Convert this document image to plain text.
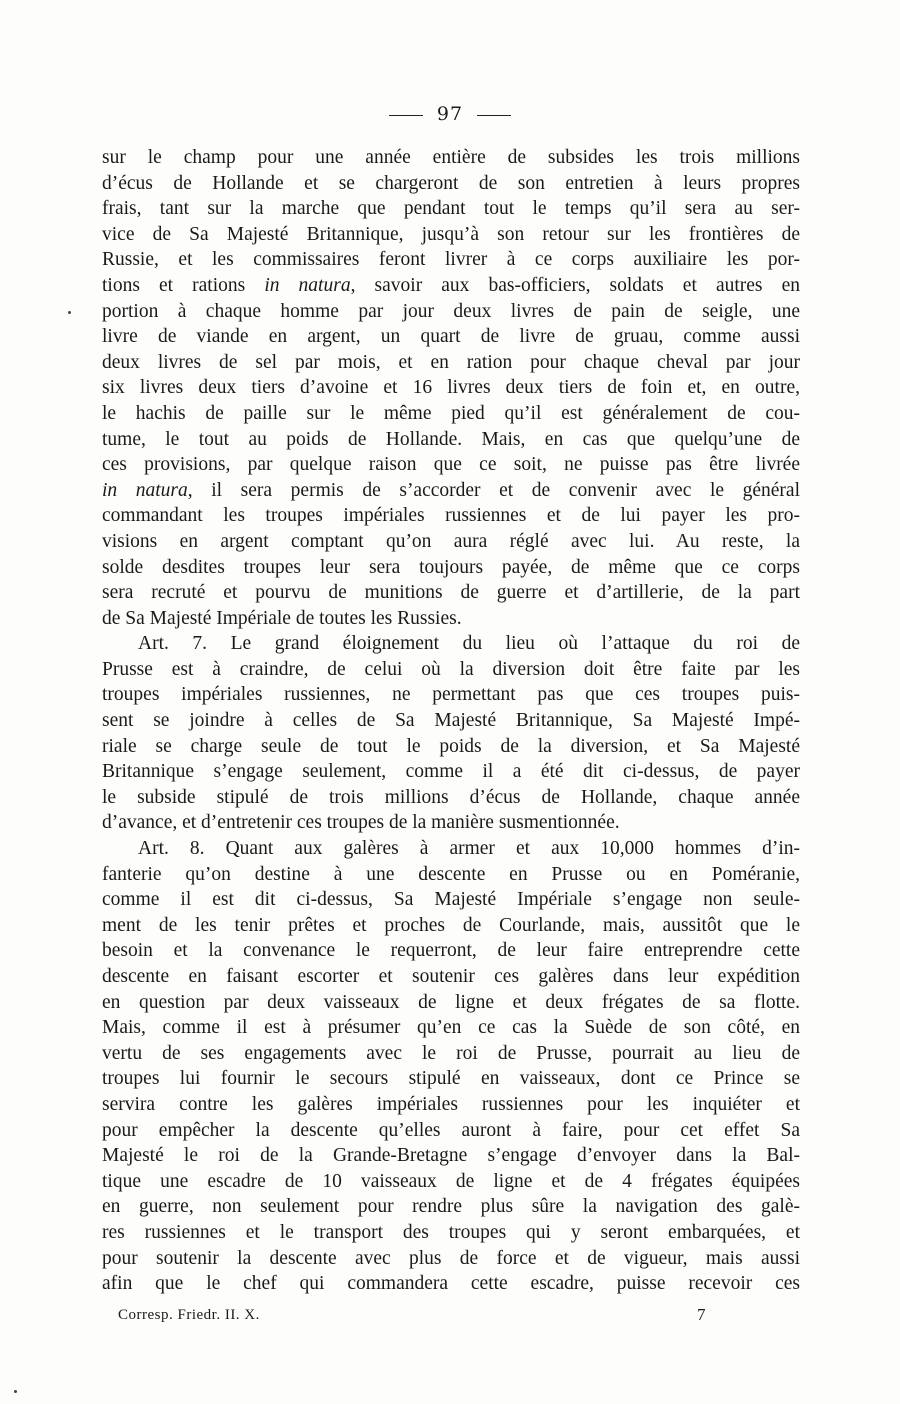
97
sur le champ pour une année entière de subsides les trois millions
d’écus de Hollande et se chargeront de son entretien à leurs propres
frais, tant sur la marche que pendant tout le temps qu’il sera au ser-
vice de Sa Majesté Britannique, jusqu’à son retour sur les frontières de
Russie, et les commissaires feront livrer à ce corps auxiliaire les por-
tions et rations in natura, savoir aux bas-officiers, soldats et autres en
portion à chaque homme par jour deux livres de pain de seigle, une
livre de viande en argent, un quart de livre de gruau, comme aussi
deux livres de sel par mois, et en ration pour chaque cheval par jour
six livres deux tiers d’avoine et 16 livres deux tiers de foin et, en outre,
le hachis de paille sur le même pied qu’il est généralement de cou-
tume, le tout au poids de Hollande. Mais, en cas que quelqu’une de
ces provisions, par quelque raison que ce soit, ne puisse pas être livrée
in natura, il sera permis de s’accorder et de convenir avec le général
commandant les troupes impériales russiennes et de lui payer les pro-
visions en argent comptant qu’on aura réglé avec lui. Au reste, la
solde desdites troupes leur sera toujours payée, de même que ce corps
sera recruté et pourvu de munitions de guerre et d’artillerie, de la part
de Sa Majesté Impériale de toutes les Russies.
Art. 7. Le grand éloignement du lieu où l’attaque du roi de
Prusse est à craindre, de celui où la diversion doit être faite par les
troupes impériales russiennes, ne permettant pas que ces troupes puis-
sent se joindre à celles de Sa Majesté Britannique, Sa Majesté Impé-
riale se charge seule de tout le poids de la diversion, et Sa Majesté
Britannique s’engage seulement, comme il a été dit ci-dessus, de payer
le subside stipulé de trois millions d’écus de Hollande, chaque année
d’avance, et d’entretenir ces troupes de la manière susmentionnée.
Art. 8. Quant aux galères à armer et aux 10,000 hommes d’in-
fanterie qu’on destine à une descente en Prusse ou en Poméranie,
comme il est dit ci-dessus, Sa Majesté Impériale s’engage non seule-
ment de les tenir prêtes et proches de Courlande, mais, aussitôt que le
besoin et la convenance le requerront, de leur faire entreprendre cette
descente en faisant escorter et soutenir ces galères dans leur expédition
en question par deux vaisseaux de ligne et deux frégates de sa flotte.
Mais, comme il est à présumer qu’en ce cas la Suède de son côté, en
vertu de ses engagements avec le roi de Prusse, pourrait au lieu de
troupes lui fournir le secours stipulé en vaisseaux, dont ce Prince se
servira contre les galères impériales russiennes pour les inquiéter et
pour empêcher la descente qu’elles auront à faire, pour cet effet Sa
Majesté le roi de la Grande-Bretagne s’engage d’envoyer dans la Bal-
tique une escadre de 10 vaisseaux de ligne et de 4 frégates équipées
en guerre, non seulement pour rendre plus sûre la navigation des galè-
res russiennes et le transport des troupes qui y seront embarquées, et
pour soutenir la descente avec plus de force et de vigueur, mais aussi
afin que le chef qui commandera cette escadre, puisse recevoir ces
Corresp. Friedr. II. X.	7
